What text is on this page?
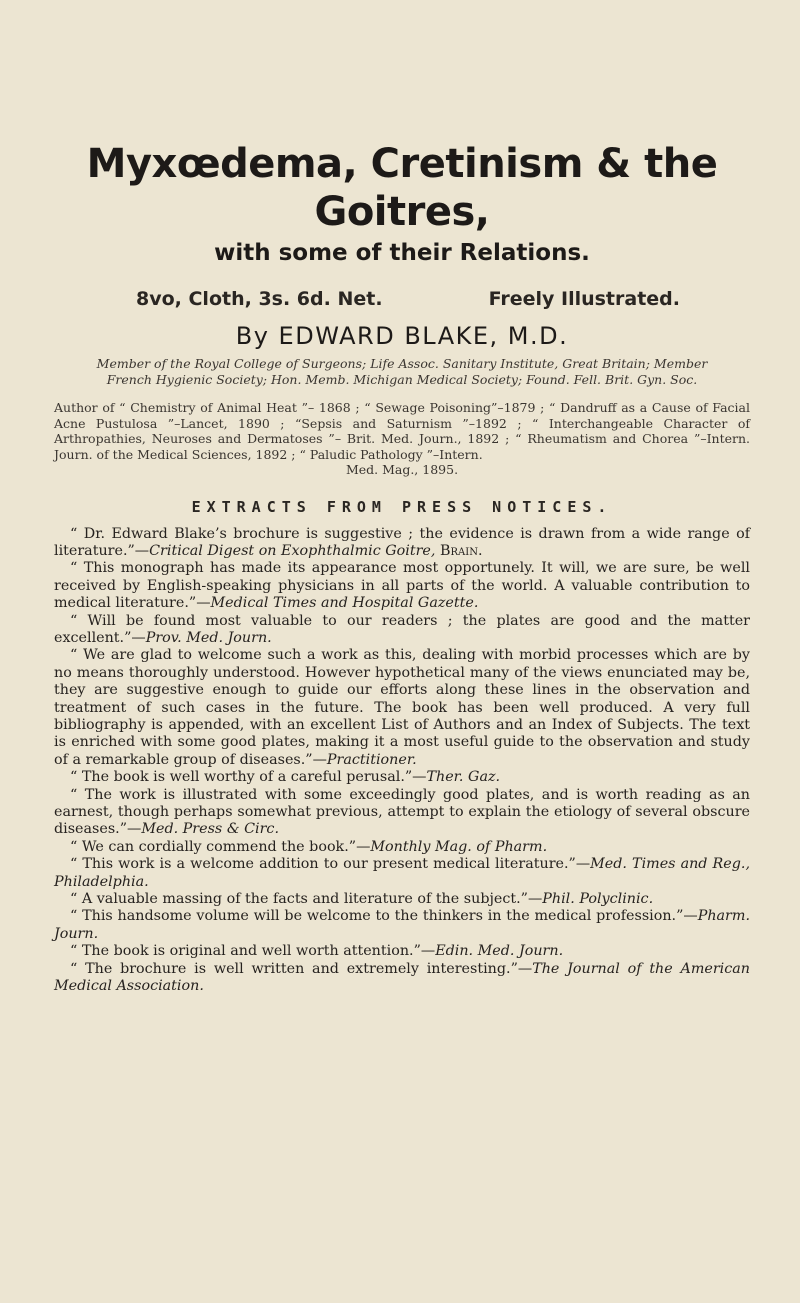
Myxœdema, Cretinism & the Goitres,
with some of their Relations.
8vo, Cloth, 3s. 6d. Net.	Freely Illustrated.
By EDWARD BLAKE, M.D.
Member of the Royal College of Surgeons; Life Assoc. Sanitary Institute, Great Britain; Member French Hygienic Society; Hon. Memb. Michigan Medical Society; Found. Fell. Brit. Gyn. Soc.
Author of “ Chemistry of Animal Heat ”– 1868 ; “ Sewage Poisoning”–1879 ; “ Dandruff as a Cause of Facial Acne Pustulosa ”–Lancet, 1890 ; “Sepsis and Saturnism ”–1892 ; “ Interchangeable Character of Arthropathies, Neuroses and Dermatoses ”– Brit. Med. Journ., 1892 ; “ Rheumatism and Chorea ”–Intern. Journ. of the Medical Sciences, 1892 ; “ Paludic Pathology ”–Intern.
Med. Mag., 1895.
EXTRACTS FROM PRESS NOTICES.

“ Dr. Edward Blake’s brochure is suggestive ; the evidence is drawn from a wide range of literature.”—Critical Digest on Exophthalmic Goitre, Brain.

“ This monograph has made its appearance most opportunely. It will, we are sure, be well received by English-speaking physicians in all parts of the world. A valuable contribution to medical literature.”—Medical Times and Hospital Gazette.

“ Will be found most valuable to our readers ; the plates are good and the matter excellent.”—Prov. Med. Journ.

“ We are glad to welcome such a work as this, dealing with morbid processes which are by no means thoroughly understood. However hypothetical many of the views enunciated may be, they are suggestive enough to guide our efforts along these lines in the observation and treatment of such cases in the future. The book has been well produced. A very full bibliography is appended, with an excellent List of Authors and an Index of Subjects. The text is enriched with some good plates, making it a most useful guide to the observation and study of a remarkable group of diseases.”—Practitioner.

“ The book is well worthy of a careful perusal.”—Ther. Gaz.

“ The work is illustrated with some exceedingly good plates, and is worth reading as an earnest, though perhaps somewhat previous, attempt to explain the etiology of several obscure diseases.”—Med. Press & Circ.

“ We can cordially commend the book.”—Monthly Mag. of Pharm.

“ This work is a welcome addition to our present medical literature.”—Med. Times and Reg., Philadelphia.

“ A valuable massing of the facts and literature of the subject.”—Phil. Polyclinic.

“ This handsome volume will be welcome to the thinkers in the medical profession.”—Pharm. Journ.

“ The book is original and well worth attention.”—Edin. Med. Journ.

“ The brochure is well written and extremely interesting.”—The Journal of the American Medical Association.
